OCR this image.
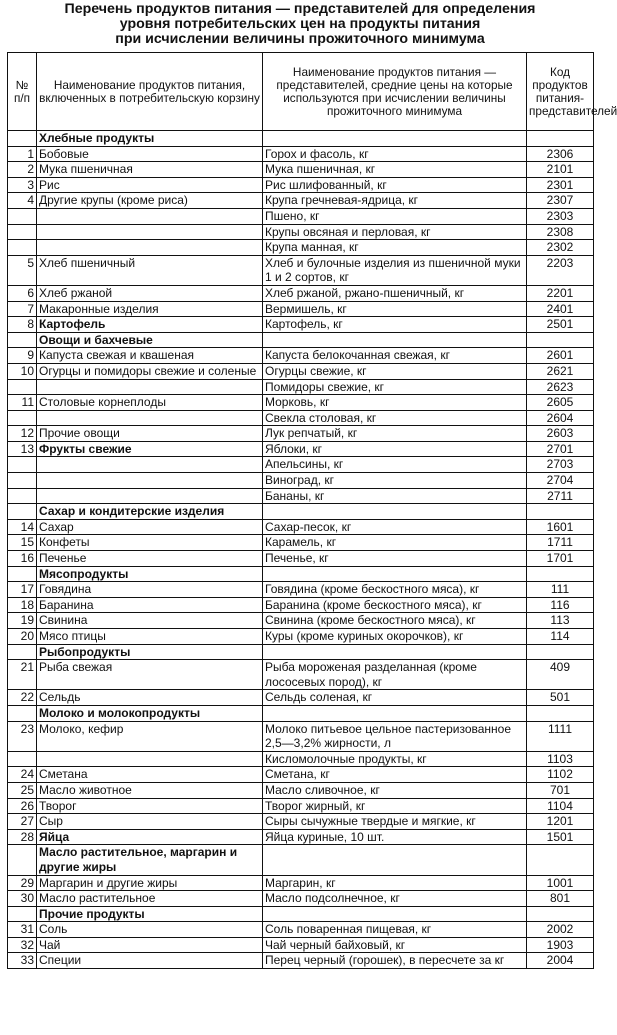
Перечень продуктов питания — представителей для определения
уровня потребительских цен на продукты питания
при исчислении величины прожиточного минимума
№ п/п	Наименование продуктов питания, включенных в потребительскую корзину	Наименование продуктов питания — представителей, средние цены на которые используются при исчислении величины прожиточного минимума	Код продуктов питания-представителей
	Хлебные продукты		
1	Бобовые	Горох и фасоль, кг	2306
2	Мука пшеничная	Мука пшеничная, кг	2101
3	Рис	Рис шлифованный, кг	2301
4	Другие крупы (кроме риса)	Крупа гречневая-ядрица, кг	2307
		Пшено, кг	2303
		Крупы овсяная и перловая, кг	2308
		Крупа манная, кг	2302
5	Хлеб пшеничный	Хлеб и булочные изделия из пшеничной муки 1 и 2 сортов, кг	2203
6	Хлеб ржаной	Хлеб ржаной, ржано-пшеничный, кг	2201
7	Макаронные изделия	Вермишель, кг	2401
8	Картофель	Картофель, кг	2501
	Овощи и бахчевые		
9	Капуста свежая и квашеная	Капуста белокочанная свежая, кг	2601
10	Огурцы и помидоры свежие и соленые	Огурцы свежие, кг	2621
		Помидоры свежие, кг	2623
11	Столовые корнеплоды	Морковь, кг	2605
		Свекла столовая, кг	2604
12	Прочие овощи	Лук репчатый, кг	2603
13	Фрукты свежие	Яблоки, кг	2701
		Апельсины, кг	2703
		Виноград, кг	2704
		Бананы, кг	2711
	Сахар и кондитерские изделия		
14	Сахар	Сахар-песок, кг	1601
15	Конфеты	Карамель, кг	1711
16	Печенье	Печенье, кг	1701
	Мясопродукты		
17	Говядина	Говядина (кроме бескостного мяса), кг	111
18	Баранина	Баранина (кроме бескостного мяса), кг	116
19	Свинина	Свинина (кроме бескостного мяса), кг	113
20	Мясо птицы	Куры (кроме куриных окорочков), кг	114
	Рыбопродукты		
21	Рыба свежая	Рыба мороженая разделанная (кроме лососевых пород), кг	409
22	Сельдь	Сельдь соленая, кг	501
	Молоко и молокопродукты		
23	Молоко, кефир	Молоко питьевое цельное пастеризованное 2,5—3,2% жирности, л	1111
		Кисломолочные продукты, кг	1103
24	Сметана	Сметана, кг	1102
25	Масло животное	Масло сливочное, кг	701
26	Творог	Творог жирный, кг	1104
27	Сыр	Сыры сычужные твердые и мягкие, кг	1201
28	Яйца	Яйца куриные, 10 шт.	1501
	Масло растительное, маргарин и другие жиры		
29	Маргарин и другие жиры	Маргарин, кг	1001
30	Масло растительное	Масло подсолнечное, кг	801
	Прочие продукты		
31	Соль	Соль поваренная пищевая, кг	2002
32	Чай	Чай черный байховый, кг	1903
33	Специи	Перец черный (горошек), в пересчете за кг	2004
